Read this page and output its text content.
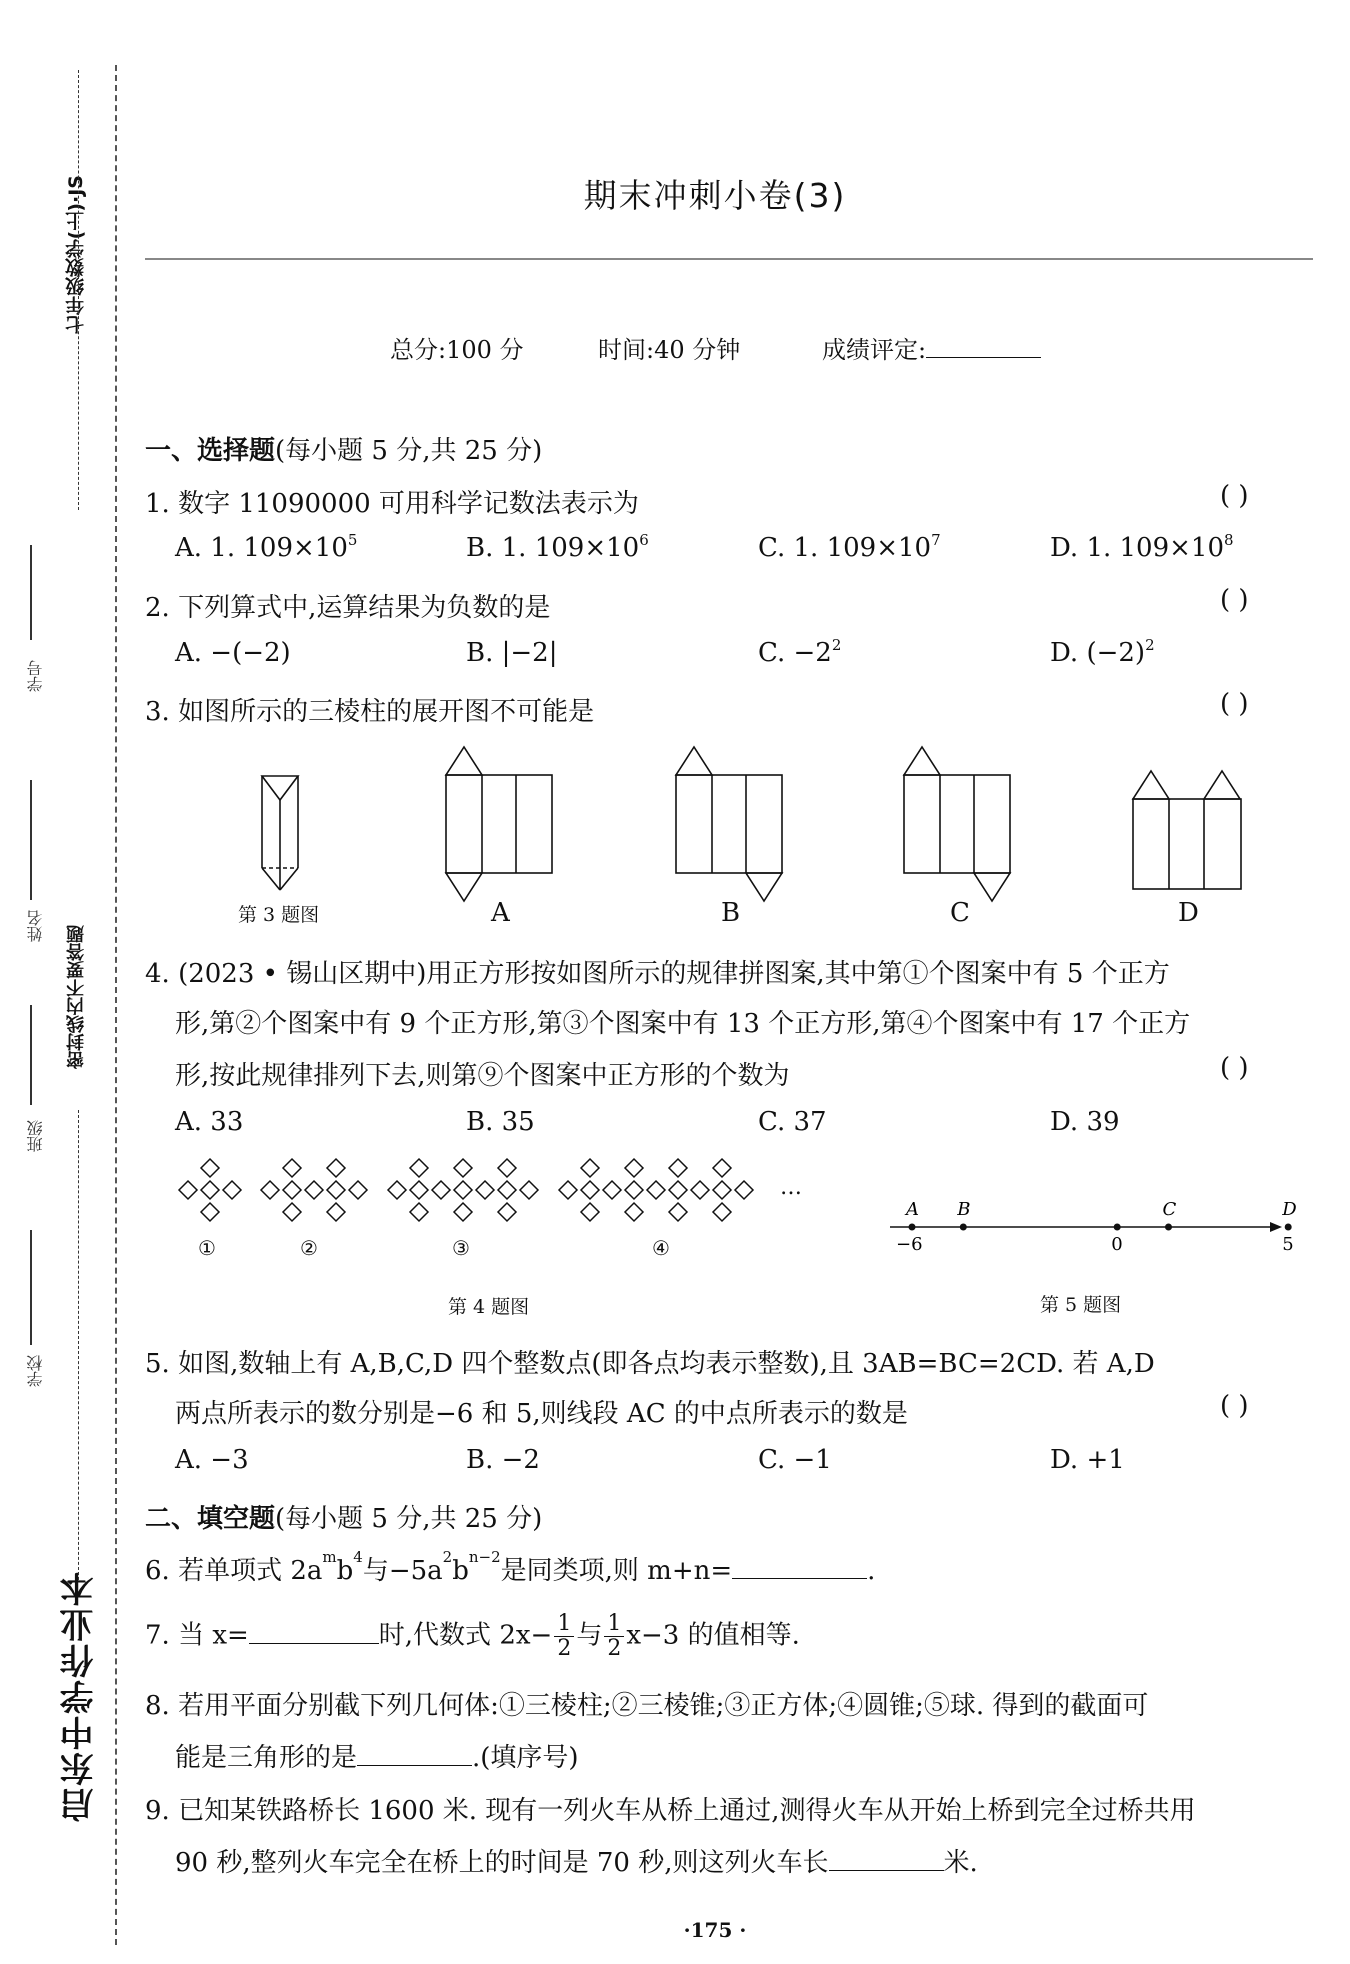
七年级数学(上)·JS
密封线内不要答题
启东中学作业本
学号
姓名
班级
学校
期末冲刺小卷(3)
总分:100 分	时间:40 分钟	成绩评定:
一、选择题(每小题 5 分,共 25 分)
1. 数字 11090000 可用科学记数法表示为	( )
A. 1. $109\times 10^5$	B. 1. $109\times 10^6$	C. 1. $109\times 10^7$	D. 1. $109\times 10^8$
2. 下列算式中,运算结果为负数的是	( )
A. −(−2)	B. |−2|	C. $-2^2$	D. $(-2)^2$
3. 如图所示的三棱柱的展开图不可能是	( )
A B	C	D
−6	0	5
第 3 题图	A	B	C	D
4. (2023 • 锡山区期中)用正方形按如图所示的规律拼图案,其中第①个图案中有 5 个正方
形,第②个图案中有 9 个正方形,第③个图案中有 13 个正方形,第④个图案中有 17 个正方
形,按此规律排列下去,则第⑨个图案中正方形的个数为	( )
A. 33	B. 35	C. 37	D. 39
①	②	③	④
…
第 4 题图	第 5 题图
5. 如图,数轴上有 A,B,C,D 四个整数点(即各点均表示整数),且 3AB=BC=2CD. 若 A,D
两点所表示的数分别是−6 和 5,则线段 AC 的中点所表示的数是	( )
A. −3	B. −2	C. −1	D. +1
二、填空题(每小题 5 分,共 25 分)
6. 若单项式 $2a^mb^4$与$-5a^2b^{n-2}$是同类项,则 m+n=	.
7. 当 x=	时,代数式 $2x- \frac{1}{2}$ 与 $\frac{1}{2} x-3$ 的值相等.
8. 若用平面分别截下列几何体:①三棱柱;②三棱锥;③正方体;④圆锥;⑤球. 得到的截面可
能是三角形的是	.(填序号)
9. 已知某铁路桥长 1600 米. 现有一列火车从桥上通过,测得火车从开始上桥到完全过桥共用
90 秒,整列火车完全在桥上的时间是 70 秒,则这列火车长	米.
·175 ·
